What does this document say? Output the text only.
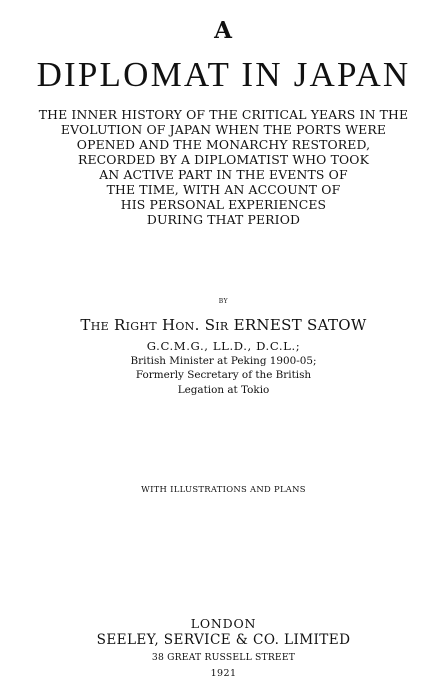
A

DIPLOMAT IN JAPAN

THE INNER HISTORY OF THE CRITICAL YEARS IN THE
EVOLUTION OF JAPAN WHEN THE PORTS WERE
OPENED AND THE MONARCHY RESTORED,
RECORDED BY A DIPLOMATIST WHO TOOK
AN ACTIVE PART IN THE EVENTS OF
THE TIME, WITH AN ACCOUNT OF
HIS PERSONAL EXPERIENCES
DURING THAT PERIOD

BY

The Right Hon. Sir ERNEST SATOW

G.C.M.G., LL.D., D.C.L.;
British Minister at Peking 1900-05;
Formerly Secretary of the British
Legation at Tokio

WITH ILLUSTRATIONS AND PLANS

LONDON

SEELEY, SERVICE & CO. LIMITED

38 GREAT RUSSELL STREET

1921
